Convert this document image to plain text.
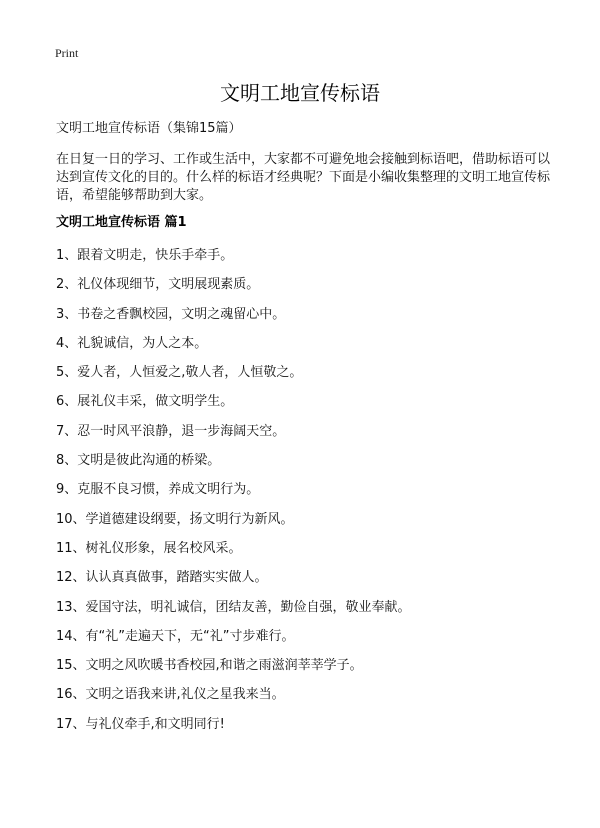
Print
文明工地宣传标语
文明工地宣传标语（集锦15篇）

在日复一日的学习、工作或生活中，大家都不可避免地会接触到标语吧，借助标语可以达到宣传文化的目的。什么样的标语才经典呢？下面是小编收集整理的文明工地宣传标语，希望能够帮助到大家。

文明工地宣传标语 篇1
1、跟着文明走，快乐手牵手。
2、礼仪体现细节，文明展现素质。
3、书卷之香飘校园，文明之魂留心中。
4、礼貌诚信，为人之本。
5、爱人者，人恒爱之,敬人者，人恒敬之。
6、展礼仪丰采，做文明学生。
7、忍一时风平浪静，退一步海阔天空。
8、文明是彼此沟通的桥梁。
9、克服不良习惯，养成文明行为。
10、学道德建设纲要，扬文明行为新风。
11、树礼仪形象，展名校风采。
12、认认真真做事，踏踏实实做人。
13、爱国守法，明礼诚信，团结友善，勤俭自强，敬业奉献。
14、有“礼”走遍天下，无“礼”寸步难行。
15、文明之风吹暖书香校园,和谐之雨滋润莘莘学子。
16、文明之语我来讲,礼仪之星我来当。
17、与礼仪牵手,和文明同行!
